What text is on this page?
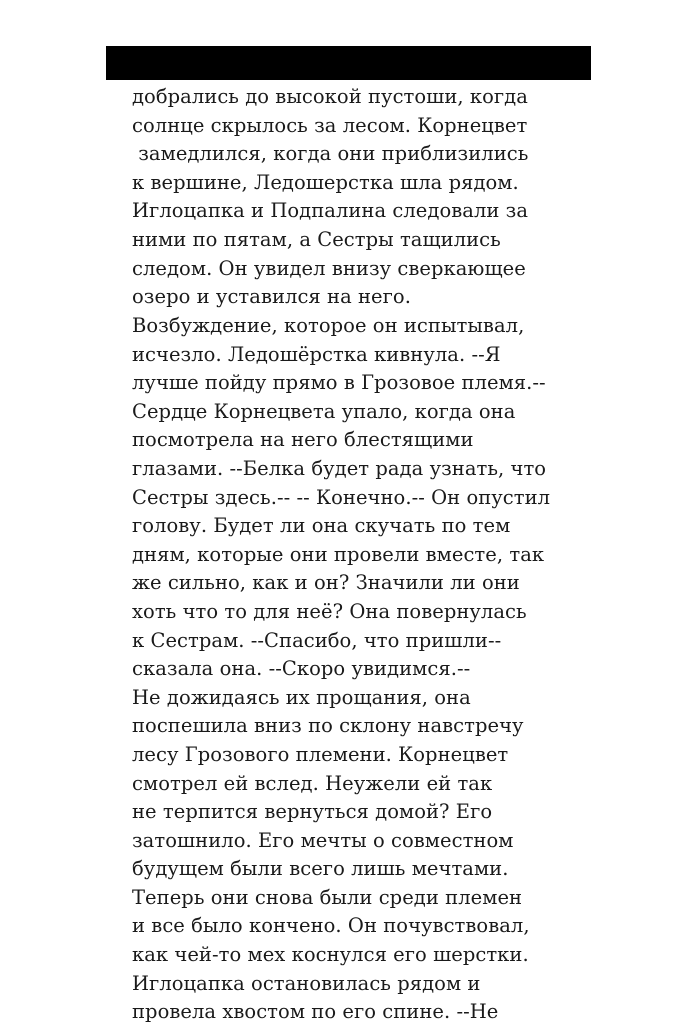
добрались до высокой пустоши, когда
солнце скрылось за лесом. Корнецвет
замедлился, когда они приблизились
к вершине, Ледошерстка шла рядом.
Иглоцапка и Подпалина следовали за
ними по пятам, а Сестры тащились
следом. Он увидел внизу сверкающее
озеро и уставился на него.
Возбуждение, которое он испытывал,
исчезло. Ледошёрстка кивнула. --Я
лучше пойду прямо в Грозовое племя.--
Сердце Корнецвета упало, когда она
посмотрела на него блестящими
глазами. --Белка будет рада узнать, что
Сестры здесь.-- -- Конечно.-- Он опустил
голову. Будет ли она скучать по тем
дням, которые они провели вместе, так
же сильно, как и он? Значили ли они
хоть что то для неё? Она повернулась
к Сестрам. --Спасибо, что пришли--
сказала она. --Скоро увидимся.--
Не дожидаясь их прощания, она
поспешила вниз по склону навстречу
лесу Грозового племени. Корнецвет
смотрел ей вслед. Неужели ей так
не терпится вернуться домой? Его
затошнило. Его мечты о совместном
будущем были всего лишь мечтами.
Теперь они снова были среди племен
и все было кончено. Он почувствовал,
как чей-то мех коснулся его шерстки.
Иглоцапка остановилась рядом и
провела хвостом по его спине. --Не
